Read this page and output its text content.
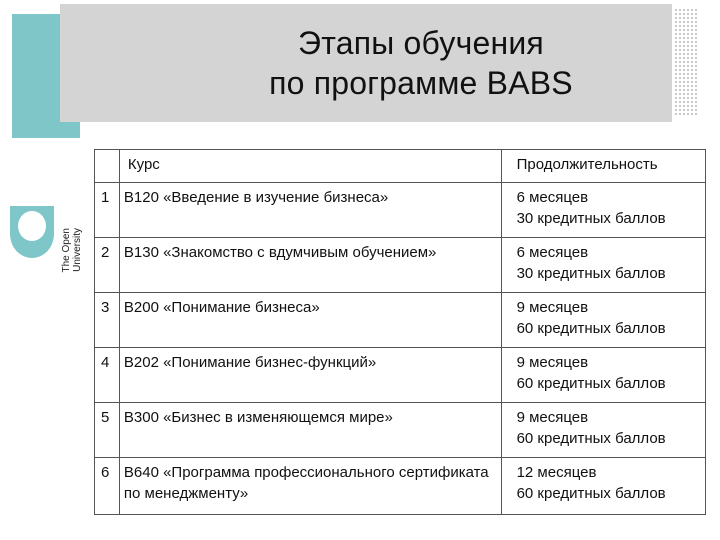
Этапы обучения
по программе BABS
The Open University

	Курс	Продолжительность

1	B120 «Введение в изучение бизнеса»	6 месяцев
30 кредитных баллов

2	B130 «Знакомство с вдумчивым обучением»	6 месяцев
30 кредитных баллов

3	B200 «Понимание бизнеса»	9 месяцев
60 кредитных баллов

4	B202 «Понимание бизнес-функций»	9 месяцев
60 кредитных баллов

5	B300 «Бизнес в изменяющемся мире»	9 месяцев
60 кредитных баллов

6	B640 «Программа профессионального сертификата по менеджменту»	12 месяцев
60 кредитных баллов
